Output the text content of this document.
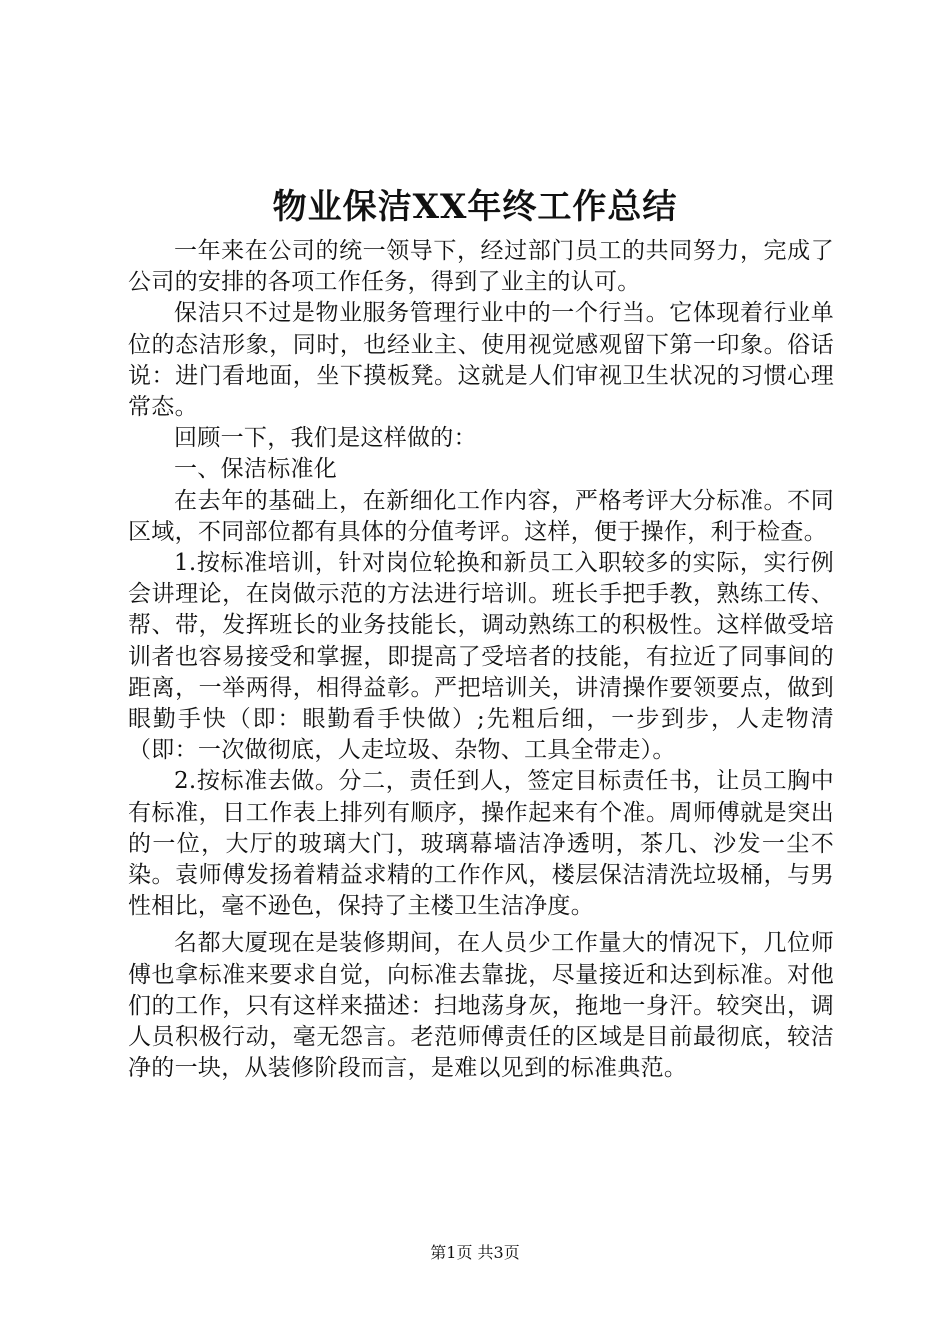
物业保洁XX年终工作总结

一年来在公司的统一领导下，经过部门员工的共同努力，完成了公司的安排的各项工作任务，得到了业主的认可。

保洁只不过是物业服务管理行业中的一个行当。它体现着行业单位的态洁形象，同时，也经业主、使用视觉感观留下第一印象。俗话说：进门看地面，坐下摸板凳。这就是人们审视卫生状况的习惯心理常态。

回顾一下，我们是这样做的：

一、保洁标准化

在去年的基础上，在新细化工作内容，严格考评大分标准。不同区域，不同部位都有具体的分值考评。这样，便于操作，利于检查。

1.按标准培训，针对岗位轮换和新员工入职较多的实际，实行例会讲理论，在岗做示范的方法进行培训。班长手把手教，熟练工传、帮、带，发挥班长的业务技能长，调动熟练工的积极性。这样做受培训者也容易接受和掌握，即提高了受培者的技能，有拉近了同事间的距离，一举两得，相得益彰。严把培训关，讲清操作要领要点，做到眼勤手快（即：眼勤看手快做）;先粗后细，一步到步，人走物清（即：一次做彻底，人走垃圾、杂物、工具全带走）。

2.按标准去做。分二，责任到人，签定目标责任书，让员工胸中有标准，日工作表上排列有顺序，操作起来有个准。周师傅就是突出的一位，大厅的玻璃大门，玻璃幕墙洁净透明，茶几、沙发一尘不染。袁师傅发扬着精益求精的工作作风，楼层保洁清洗垃圾桶，与男性相比，毫不逊色，保持了主楼卫生洁净度。

名都大厦现在是装修期间，在人员少工作量大的情况下，几位师傅也拿标准来要求自觉，向标准去靠拢，尽量接近和达到标准。对他们的工作，只有这样来描述：扫地荡身灰，拖地一身汗。较突出，调人员积极行动，毫无怨言。老范师傅责任的区域是目前最彻底，较洁净的一块，从装修阶段而言，是难以见到的标准典范。

第1页 共3页
